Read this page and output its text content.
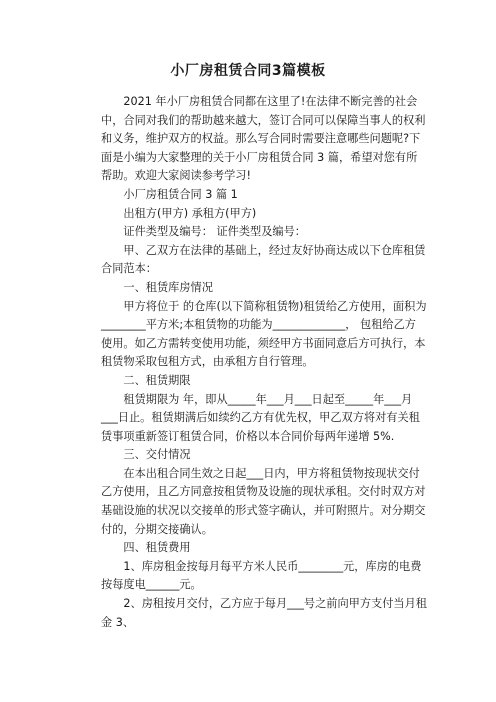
小厂房租赁合同3篇模板

2021 年小厂房租赁合同都在这里了!在法律不断完善的社会中，合同对我们的帮助越来越大，签订合同可以保障当事人的权利和义务，维护双方的权益。那么写合同时需要注意哪些问题呢?下面是小编为大家整理的关于小厂房租赁合同 3 篇，希望对您有所帮助。欢迎大家阅读参考学习!

小厂房租赁合同 3 篇 1

出租方(甲方) 承租方(甲方)

证件类型及编号： 证件类型及编号：

甲、乙双方在法律的基础上，经过友好协商达成以下仓库租赁合同范本：

一、租赁库房情况

甲方将位于 的仓库(以下简称租赁物)租赁给乙方使用，面积为________平方米;本租赁物的功能为_____________， 包租给乙方使用。如乙方需转变使用功能，须经甲方书面同意后方可执行，本租赁物采取包租方式，由承租方自行管理。

二、租赁期限

租赁期限为 年，即从_____年___月___日起至_____年___月___日止。租赁期满后如续约乙方有优先权，甲乙双方将对有关租赁事项重新签订租赁合同，价格以本合同价每两年递增 5%.

三、交付情况

在本出租合同生效之日起___日内，甲方将租赁物按现状交付乙方使用，且乙方同意按租赁物及设施的现状承租。交付时双方对基础设施的状况以交接单的形式签字确认，并可附照片。对分期交付的，分期交接确认。

四、租赁费用

1、库房租金按每月每平方米人民币________元，库房的电费按每度电______元。

2、房租按月交付，乙方应于每月___号之前向甲方支付当月租金 3、
